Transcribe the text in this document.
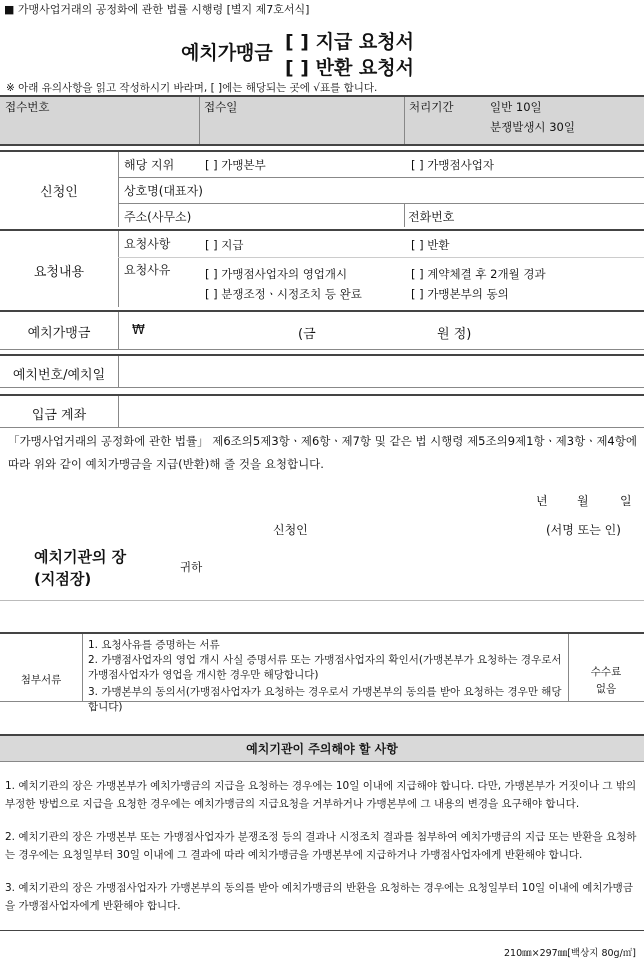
■ 가맹사업거래의 공정화에 관한 법률 시행령 [별지 제7호서식]
예치가맹금 [ ] 지급 요청서
[ ] 반환 요청서
※ 아래 유의사항을 읽고 작성하시기 바라며, [ ]에는 해당되는 곳에 √표를 합니다.
접수번호	접수일	처리기간	일반 10일
분쟁발생시 30일
신청인
해당 지위	[ ] 가맹본부	[ ] 가맹점사업자
상호명(대표자)
주소(사무소)	전화번호
요청내용
요청사항	[ ] 지급	[ ] 반환
요청사유	[ ] 가맹점사업자의 영업개시	[ ] 계약체결 후 2개월 경과
[ ] 분쟁조정ㆍ시정조치 등 완료	[ ] 가맹본부의 동의
예치가맹금	₩	(금	원 정)
예치번호/예치일
입금 계좌
「가맹사업거래의 공정화에 관한 법률」 제6조의5제3항ㆍ제6항ㆍ제7항 및 같은 법 시행령 제5조의9제1항ㆍ제3항ㆍ제4항에 따라 위와 같이 예치가맹금을 지급(반환)해 줄 것을 요청합니다.
년 월	일
신청인	(서명 또는 인)
예치기관의 장
(지점장)
귀하
첨부서류
1. 요청사유를 증명하는 서류
2. 가맹점사업자의 영업 개시 사실 증명서류 또는 가맹점사업자의 확인서(가맹본부가 요청하는 경우로서 가맹점사업자가 영업을 개시한 경우만 해당합니다)
3. 가맹본부의 동의서(가맹점사업자가 요청하는 경우로서 가맹본부의 동의를 받아 요청하는 경우만 해당합니다)
수수료
없음
예치기관이 주의해야 할 사항
1. 예치기관의 장은 가맹본부가 예치가맹금의 지급을 요청하는 경우에는 10일 이내에 지급해야 합니다. 다만, 가맹본부가 거짓이나 그 밖의 부정한 방법으로 지급을 요청한 경우에는 예치가맹금의 지급요청을 거부하거나 가맹본부에 그 내용의 변경을 요구해야 합니다.
2. 예치기관의 장은 가맹본부 또는 가맹점사업자가 분쟁조정 등의 결과나 시정조치 결과를 첨부하여 예치가맹금의 지급 또는 반환을 요청하는 경우에는 요청일부터 30일 이내에 그 결과에 따라 예치가맹금을 가맹본부에 지급하거나 가맹점사업자에게 반환해야 합니다.
3. 예치기관의 장은 가맹점사업자가 가맹본부의 동의를 받아 예치가맹금의 반환을 요청하는 경우에는 요청일부터 10일 이내에 예치가맹금을 가맹점사업자에게 반환해야 합니다.
210㎜×297㎜[백상지 80g/㎡]
